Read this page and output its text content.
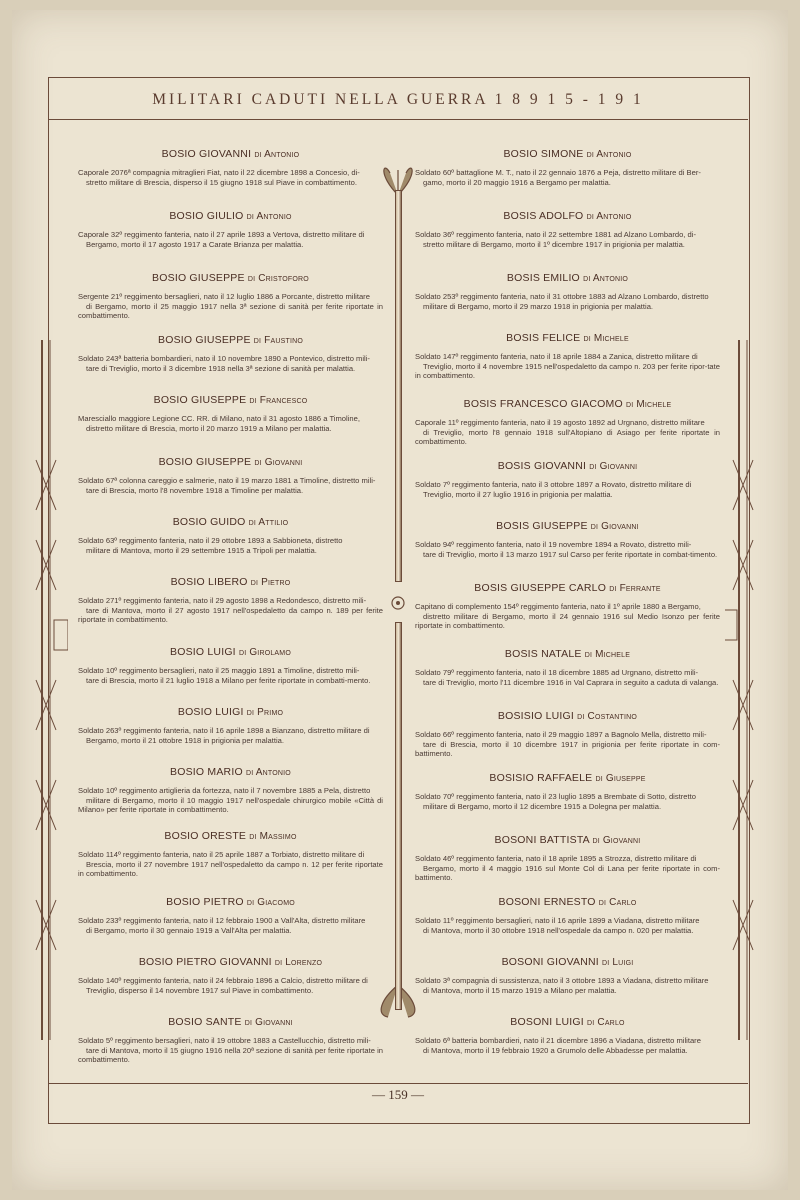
MILITARI CADUTI NELLA GUERRA 1 8 9 1 5 - 1 9 1
BOSIO GIOVANNI di Antonio
Caporale 2076ª compagnia mitraglieri Fiat, nato il 22 dicembre 1898 a Concesio, di-
stretto militare di Brescia, disperso il 15 giugno 1918 sul Piave in combattimento.
BOSIO GIULIO di Antonio
Caporale 32º reggimento fanteria, nato il 27 aprile 1893 a Vertova, distretto militare di
Bergamo, morto il 17 agosto 1917 a Carate Brianza per malattia.
BOSIO GIUSEPPE di Cristoforo
Sergente 21º reggimento bersaglieri, nato il 12 luglio 1886 a Porcante, distretto militare
di Bergamo, morto il 25 maggio 1917 nella 3ª sezione di sanità per ferite riportate in combattimento.
BOSIO GIUSEPPE di Faustino
Soldato 243ª batteria bombardieri, nato il 10 novembre 1890 a Pontevico, distretto mili-
tare di Treviglio, morto il 3 dicembre 1918 nella 3ª sezione di sanità per malattia.
BOSIO GIUSEPPE di Francesco
Maresciallo maggiore Legione CC. RR. di Milano, nato il 31 agosto 1886 a Timoline,
distretto militare di Brescia, morto il 20 marzo 1919 a Milano per malattia.
BOSIO GIUSEPPE di Giovanni
Soldato 67ª colonna careggio e salmerie, nato il 19 marzo 1881 a Timoline, distretto mili-
tare di Brescia, morto l'8 novembre 1918 a Timoline per malattia.
BOSIO GUIDO di Attilio
Soldato 63º reggimento fanteria, nato il 29 ottobre 1893 a Sabbioneta, distretto
militare di Mantova, morto il 29 settembre 1915 a Tripoli per malattia.
BOSIO LIBERO di Pietro
Soldato 271º reggimento fanteria, nato il 29 agosto 1898 a Redondesco, distretto mili-
tare di Mantova, morto il 27 agosto 1917 nell'ospedaletto da campo n. 189 per ferite riportate in combattimento.
BOSIO LUIGI di Girolamo
Soldato 10º reggimento bersaglieri, nato il 25 maggio 1891 a Timoline, distretto mili-
tare di Brescia, morto il 21 luglio 1918 a Milano per ferite riportate in combatti-mento.
BOSIO LUIGI di Primo
Soldato 263º reggimento fanteria, nato il 16 aprile 1898 a Bianzano, distretto militare di
Bergamo, morto il 21 ottobre 1918 in prigionia per malattia.
BOSIO MARIO di Antonio
Soldato 10º reggimento artiglieria da fortezza, nato il 7 novembre 1885 a Pela, distretto
militare di Bergamo, morto il 10 maggio 1917 nell'ospedale chirurgico mobile «Città di Milano» per ferite riportate in combattimento.
BOSIO ORESTE di Massimo
Soldato 114º reggimento fanteria, nato il 25 aprile 1887 a Torbiato, distretto militare di
Brescia, morto il 27 novembre 1917 nell'ospedaletto da campo n. 12 per ferite riportate in combattimento.
BOSIO PIETRO di Giacomo
Soldato 233º reggimento fanteria, nato il 12 febbraio 1900 a Vall'Alta, distretto militare
di Bergamo, morto il 30 gennaio 1919 a Vall'Alta per malattia.
BOSIO PIETRO GIOVANNI di Lorenzo
Soldato 140º reggimento fanteria, nato il 24 febbraio 1896 a Calcio, distretto militare di
Treviglio, disperso il 14 novembre 1917 sul Piave in combattimento.
BOSIO SANTE di Giovanni
Soldato 5º reggimento bersaglieri, nato il 19 ottobre 1883 a Castellucchio, distretto mili-
tare di Mantova, morto il 15 giugno 1916 nella 20ª sezione di sanità per ferite riportate in combattimento.
BOSIO SIMONE di Antonio
Soldato 60º battaglione M. T., nato il 22 gennaio 1876 a Peja, distretto militare di Ber-
gamo, morto il 20 maggio 1916 a Bergamo per malattia.
BOSIS ADOLFO di Antonio
Soldato 36º reggimento fanteria, nato il 22 settembre 1881 ad Alzano Lombardo, di-
stretto militare di Bergamo, morto il 1º dicembre 1917 in prigionia per malattia.
BOSIS EMILIO di Antonio
Soldato 253º reggimento fanteria, nato il 31 ottobre 1883 ad Alzano Lombardo, distretto
militare di Bergamo, morto il 29 marzo 1918 in prigionia per malattia.
BOSIS FELICE di Michele
Soldato 147º reggimento fanteria, nato il 18 aprile 1884 a Zanica, distretto militare di
Treviglio, morto il 4 novembre 1915 nell'ospedaletto da campo n. 203 per ferite ripor-tate in combattimento.
BOSIS FRANCESCO GIACOMO di Michele
Caporale 11º reggimento fanteria, nato il 19 agosto 1892 ad Urgnano, distretto militare
di Treviglio, morto l'8 gennaio 1918 sull'Altopiano di Asiago per ferite riportate in combattimento.
BOSIS GIOVANNI di Giovanni
Soldato 7º reggimento fanteria, nato il 3 ottobre 1897 a Rovato, distretto militare di
Treviglio, morto il 27 luglio 1916 in prigionia per malattia.
BOSIS GIUSEPPE di Giovanni
Soldato 94º reggimento fanteria, nato il 19 novembre 1894 a Rovato, distretto mili-
tare di Treviglio, morto il 13 marzo 1917 sul Carso per ferite riportate in combat-timento.
BOSIS GIUSEPPE CARLO di Ferrante
Capitano di complemento 154º reggimento fanteria, nato il 1º aprile 1880 a Bergamo,
distretto militare di Bergamo, morto il 24 gennaio 1916 sul Medio Isonzo per ferite riportate in combattimento.
BOSIS NATALE di Michele
Soldato 79º reggimento fanteria, nato il 18 dicembre 1885 ad Urgnano, distretto mili-
tare di Treviglio, morto l'11 dicembre 1916 in Val Caprara in seguito a caduta di valanga.
BOSISIO LUIGI di Costantino
Soldato 66º reggimento fanteria, nato il 29 maggio 1897 a Bagnolo Mella, distretto mili-
tare di Brescia, morto il 10 dicembre 1917 in prigionia per ferite riportate in com-battimento.
BOSISIO RAFFAELE di Giuseppe
Soldato 70º reggimento fanteria, nato il 23 luglio 1895 a Brembate di Sotto, distretto
militare di Bergamo, morto il 12 dicembre 1915 a Dolegna per malattia.
BOSONI BATTISTA di Giovanni
Soldato 46º reggimento fanteria, nato il 18 aprile 1895 a Strozza, distretto militare di
Bergamo, morto il 4 maggio 1916 sul Monte Col di Lana per ferite riportate in com-battimento.
BOSONI ERNESTO di Carlo
Soldato 11º reggimento bersaglieri, nato il 16 aprile 1899 a Viadana, distretto militare
di Mantova, morto il 30 ottobre 1918 nell'ospedale da campo n. 020 per malattia.
BOSONI GIOVANNI di Luigi
Soldato 3ª compagnia di sussistenza, nato il 3 ottobre 1893 a Viadana, distretto militare
di Mantova, morto il 15 marzo 1919 a Milano per malattia.
BOSONI LUIGI di Carlo
Soldato 6ª batteria bombardieri, nato il 21 dicembre 1896 a Viadana, distretto militare
di Mantova, morto il 19 febbraio 1920 a Grumolo delle Abbadesse per malattia.
— 159 —
